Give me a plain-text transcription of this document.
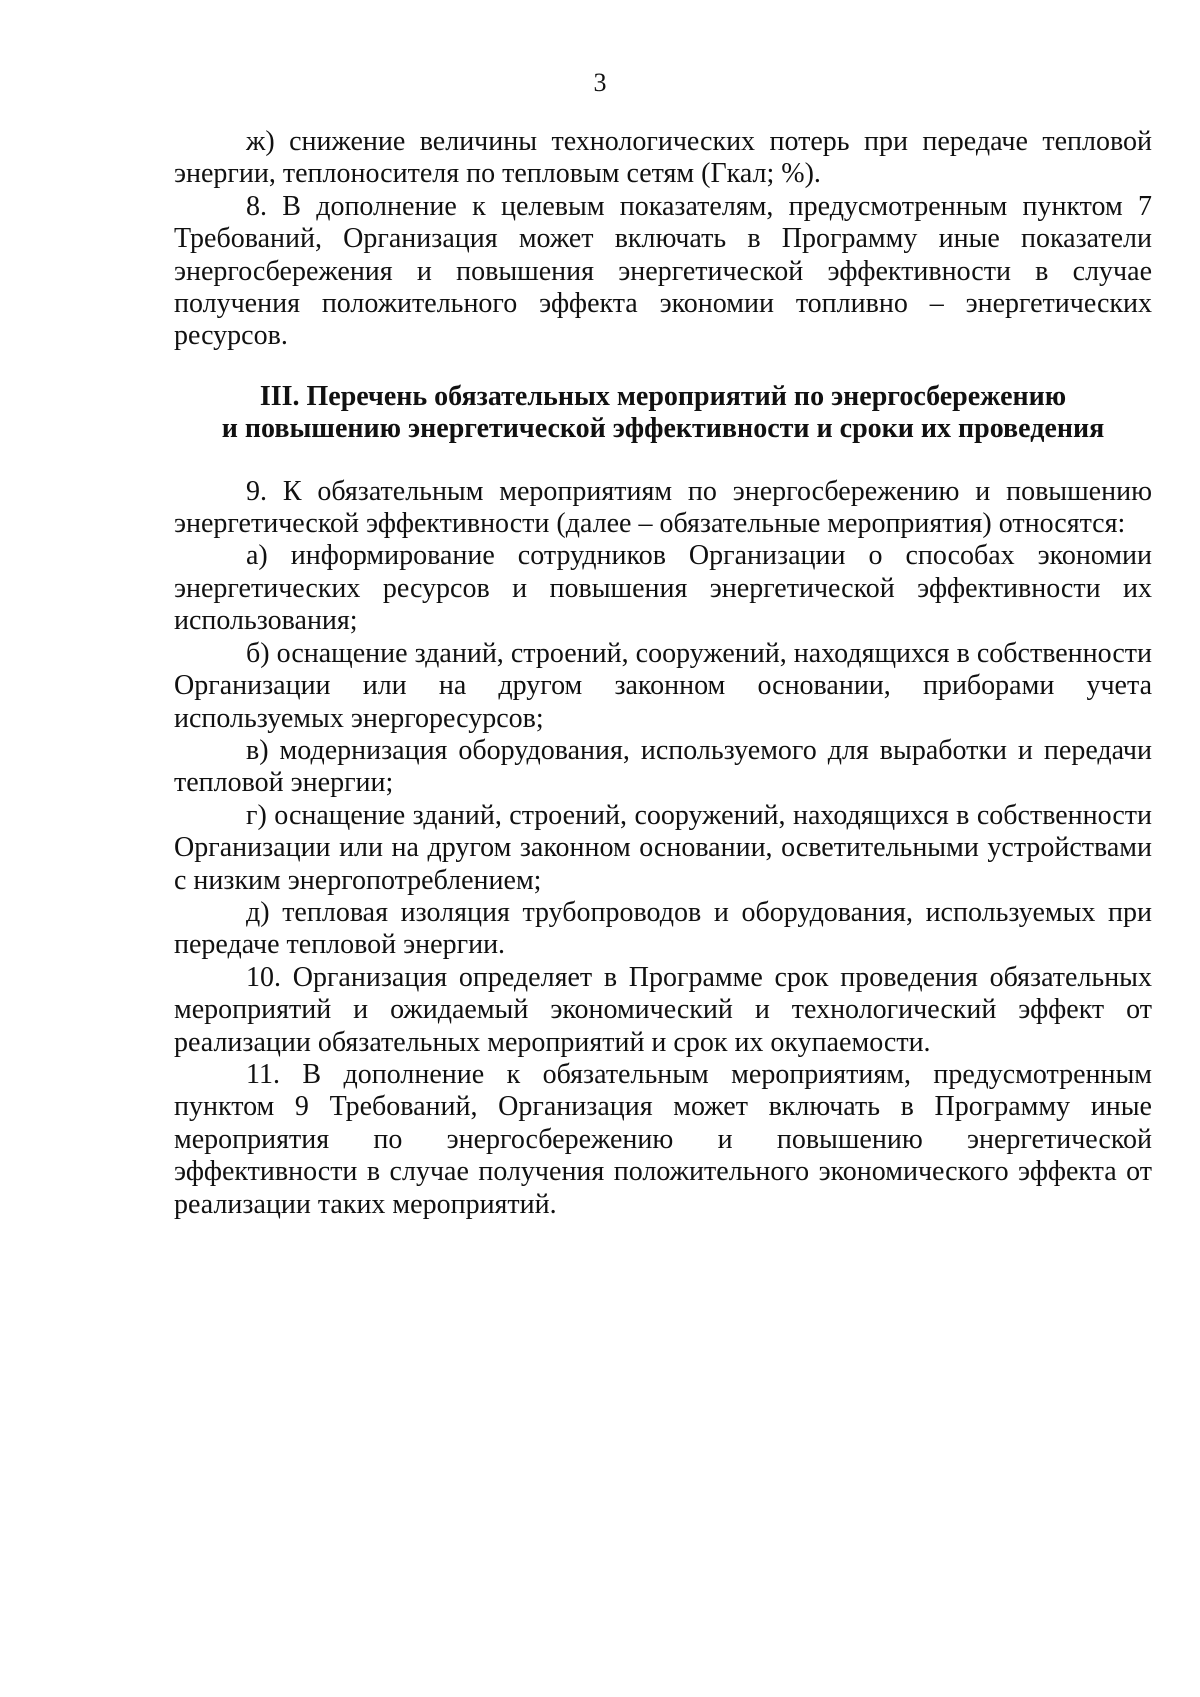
3

ж) снижение величины технологических потерь при передаче тепловой энергии, теплоносителя по тепловым сетям (Гкал; %).

8. В дополнение к целевым показателям, предусмотренным пунктом 7 Требований, Организация может включать в Программу иные показатели энергосбережения и повышения энергетической эффективности в случае получения положительного эффекта экономии топливно – энергетических ресурсов.

III. Перечень обязательных мероприятий по энергосбережению
и повышению энергетической эффективности и сроки их проведения

9. К обязательным мероприятиям по энергосбережению и повышению энергетической эффективности (далее – обязательные мероприятия) относятся:

а) информирование сотрудников Организации о способах экономии энергетических ресурсов и повышения энергетической эффективности их использования;

б) оснащение зданий, строений, сооружений, находящихся в собственности Организации или на другом законном основании, приборами учета используемых энергоресурсов;

в) модернизация оборудования, используемого для выработки и передачи тепловой энергии;

г) оснащение зданий, строений, сооружений, находящихся в собственности Организации или на другом законном основании, осветительными устройствами с низким энергопотреблением;

д) тепловая изоляция трубопроводов и оборудования, используемых при передаче тепловой энергии.

10. Организация определяет в Программе срок проведения обязательных мероприятий и ожидаемый экономический и технологический эффект от реализации обязательных мероприятий и срок их окупаемости.

11. В дополнение к обязательным мероприятиям, предусмотренным пунктом 9 Требований, Организация может включать в Программу иные мероприятия по энергосбережению и повышению энергетической эффективности в случае получения положительного экономического эффекта от реализации таких мероприятий.
